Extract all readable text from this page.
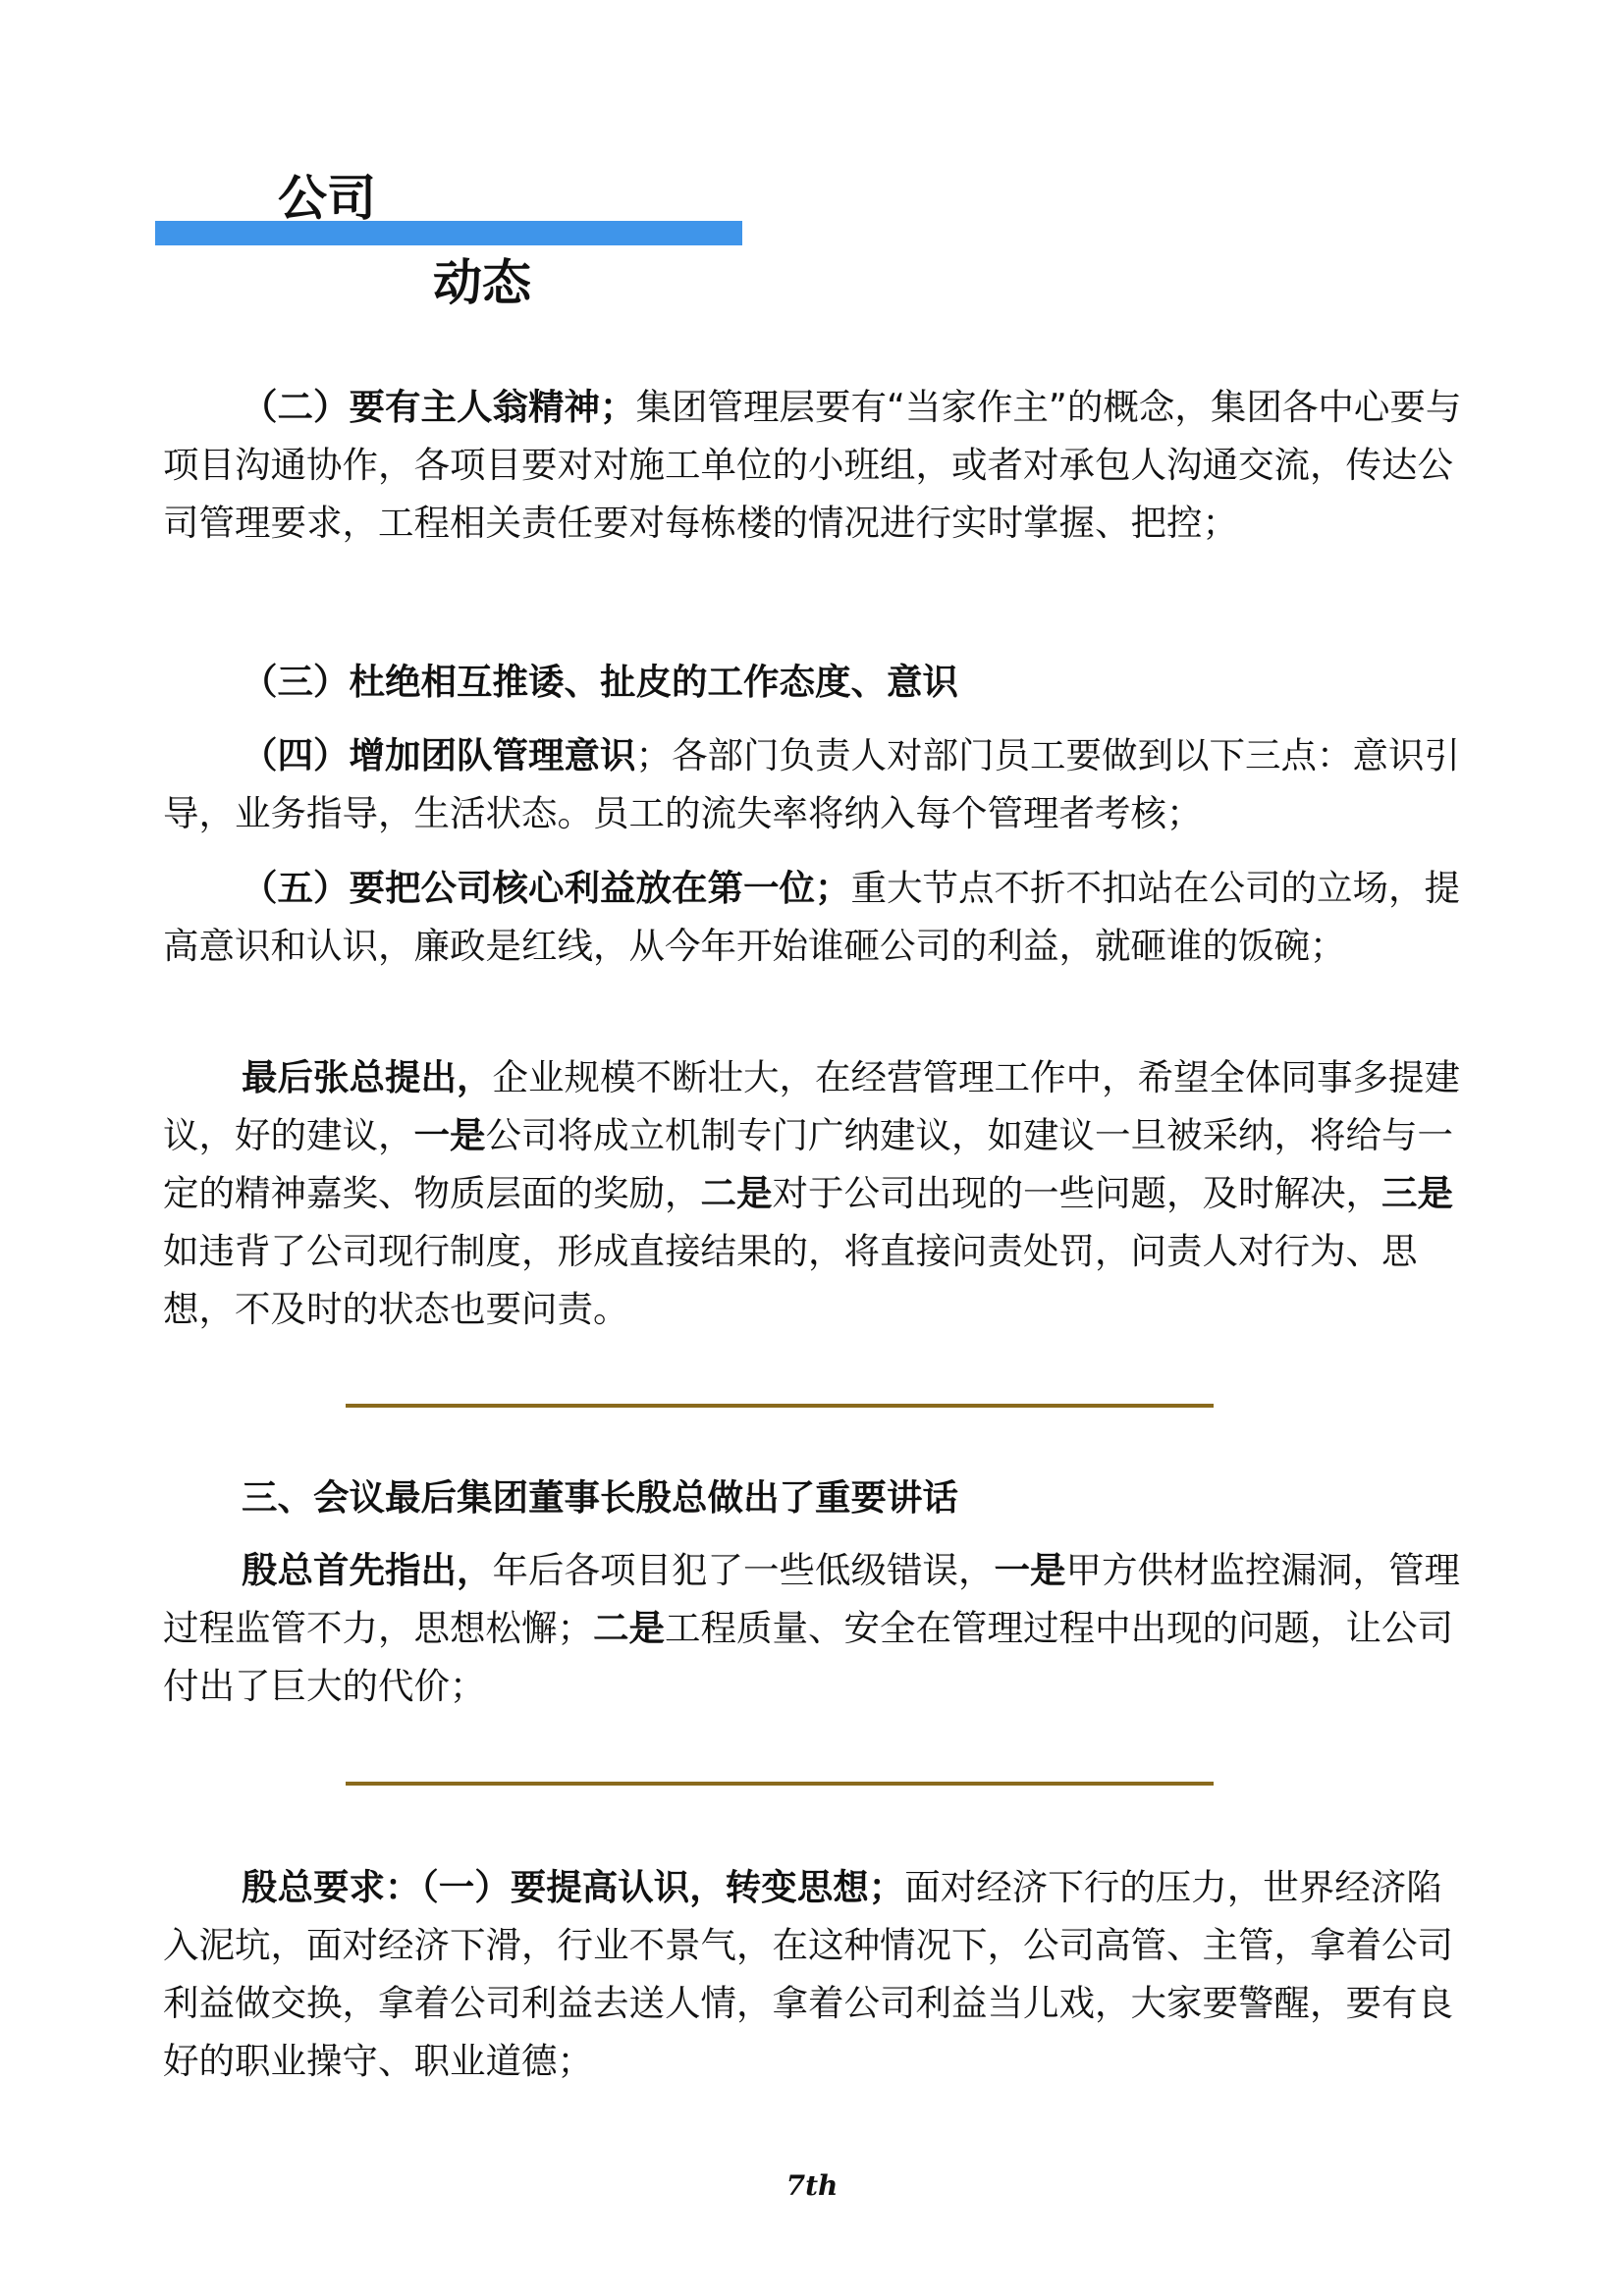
公司
动态

（二）要有主人翁精神；集团管理层要有“当家作主”的概念，集团各中心要与项目沟通协作，各项目要对对施工单位的小班组，或者对承包人沟通交流，传达公司管理要求，工程相关责任要对每栋楼的情况进行实时掌握、把控；

（三）杜绝相互推诿、扯皮的工作态度、意识

（四）增加团队管理意识；各部门负责人对部门员工要做到以下三点：意识引导，业务指导，生活状态。员工的流失率将纳入每个管理者考核；

（五）要把公司核心利益放在第一位；重大节点不折不扣站在公司的立场，提高意识和认识，廉政是红线，从今年开始谁砸公司的利益，就砸谁的饭碗；

最后张总提出，企业规模不断壮大，在经营管理工作中，希望全体同事多提建议，好的建议，一是公司将成立机制专门广纳建议，如建议一旦被采纳，将给与一定的精神嘉奖、物质层面的奖励，二是对于公司出现的一些问题，及时解决，三是如违背了公司现行制度，形成直接结果的，将直接问责处罚，问责人对行为、思想，不及时的状态也要问责。

三、会议最后集团董事长殷总做出了重要讲话

殷总首先指出，年后各项目犯了一些低级错误，一是甲方供材监控漏洞，管理过程监管不力，思想松懈；二是工程质量、安全在管理过程中出现的问题，让公司付出了巨大的代价；

殷总要求：（一）要提高认识，转变思想；面对经济下行的压力，世界经济陷入泥坑，面对经济下滑，行业不景气，在这种情况下，公司高管、主管，拿着公司利益做交换，拿着公司利益去送人情，拿着公司利益当儿戏，大家要警醒，要有良好的职业操守、职业道德；

7th
